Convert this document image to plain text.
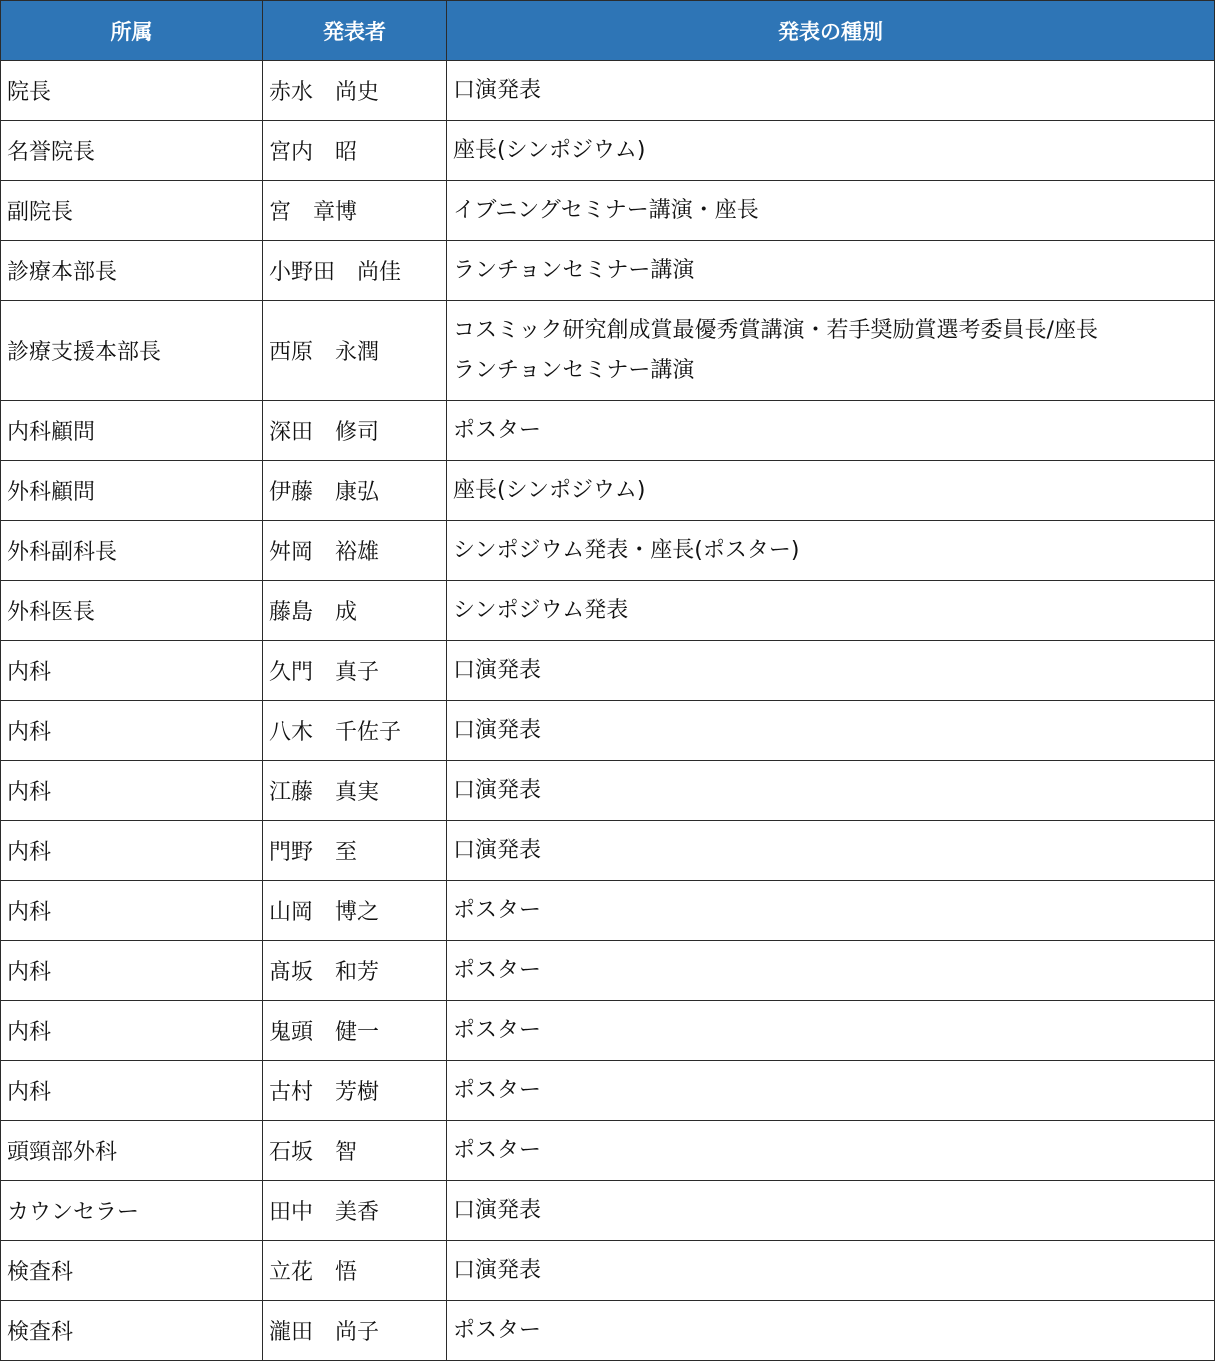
所属	発表者	発表の種別
院長	赤水　尚史	口演発表

名誉院長	宮内　昭	座長(シンポジウム)

副院長	宮　章博	イブニングセミナー講演・座長

診療本部長	小野田　尚佳	ランチョンセミナー講演

診療支援本部長	西原　永潤	コスミック研究創成賞最優秀賞講演・若手奨励賞選考委員長/座長
ランチョンセミナー講演

内科顧問	深田　修司	ポスター

外科顧問	伊藤　康弘	座長(シンポジウム)

外科副科長	舛岡　裕雄	シンポジウム発表・座長(ポスター)

外科医長	藤島　成	シンポジウム発表

内科	久門　真子	口演発表

内科	八木　千佐子	口演発表

内科	江藤　真実	口演発表

内科	門野　至	口演発表

内科	山岡　博之	ポスター

内科	髙坂　和芳	ポスター

内科	鬼頭　健一	ポスター

内科	古村　芳樹	ポスター

頭頸部外科	石坂　智	ポスター

カウンセラー	田中　美香	口演発表

検査科	立花　悟	口演発表

検査科	瀧田　尚子	ポスター
